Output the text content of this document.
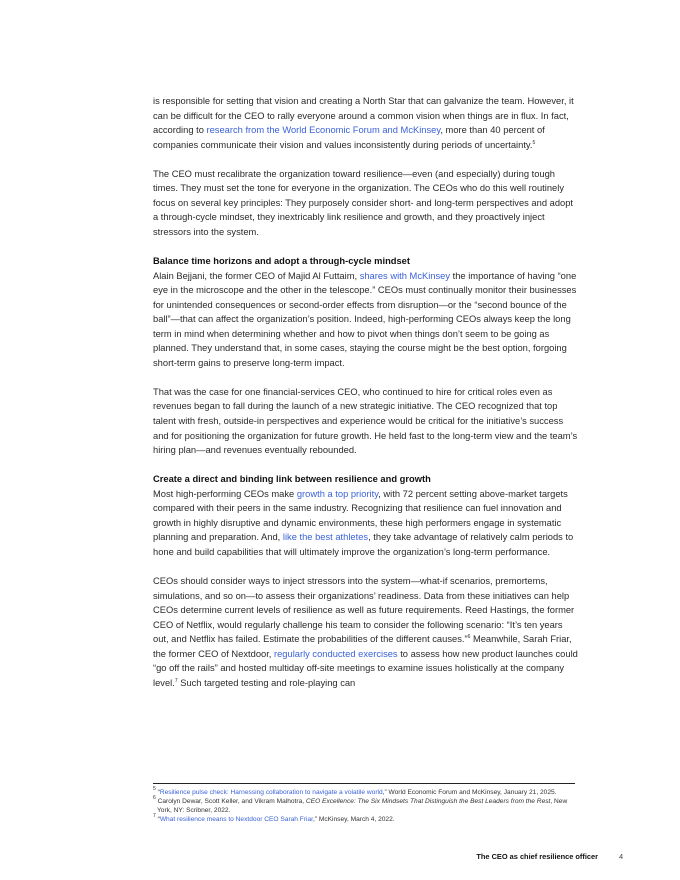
is responsible for setting that vision and creating a North Star that can galvanize the team. However, it can be difficult for the CEO to rally everyone around a common vision when things are in flux. In fact, according to research from the World Economic Forum and McKinsey, more than 40 percent of companies communicate their vision and values inconsistently during periods of uncertainty.$^5$

The CEO must recalibrate the organization toward resilience—even (and especially) during tough times. They must set the tone for everyone in the organization. The CEOs who do this well routinely focus on several key principles: They purposely consider short- and long-term perspectives and adopt a through-cycle mindset, they inextricably link resilience and growth, and they proactively inject stressors into the system.

Balance time horizons and adopt a through-cycle mindset

Alain Bejjani, the former CEO of Majid Al Futtaim, shares with McKinsey the importance of having “one eye in the microscope and the other in the telescope.” CEOs must continually monitor their businesses for unintended consequences or second-order effects from disruption—or the “second bounce of the ball”—that can affect the organization’s position. Indeed, high-performing CEOs always keep the long term in mind when determining whether and how to pivot when things don’t seem to be going as planned. They understand that, in some cases, staying the course might be the best option, forgoing short-term gains to preserve long-term impact.

That was the case for one financial-services CEO, who continued to hire for critical roles even as revenues began to fall during the launch of a new strategic initiative. The CEO recognized that top talent with fresh, outside-in perspectives and experience would be critical for the initiative’s success and for positioning the organization for future growth. He held fast to the long-term view and the team’s hiring plan—and revenues eventually rebounded.

Create a direct and binding link between resilience and growth

Most high-performing CEOs make growth a top priority, with 72 percent setting above-market targets compared with their peers in the same industry. Recognizing that resilience can fuel innovation and growth in highly disruptive and dynamic environments, these high performers engage in systematic planning and preparation. And, like the best athletes, they take advantage of relatively calm periods to hone and build capabilities that will ultimately improve the organization’s long-term performance.

CEOs should consider ways to inject stressors into the system—what-if scenarios, premortems, simulations, and so on—to assess their organizations’ readiness. Data from these initiatives can help CEOs determine current levels of resilience as well as future requirements. Reed Hastings, the former CEO of Netflix, would regularly challenge his team to consider the following scenario: “It’s ten years out, and Netflix has failed. Estimate the probabilities of the different causes.”$^6$ Meanwhile, Sarah Friar, the former CEO of Nextdoor, regularly conducted exercises to assess how new product launches could “go off the rails” and hosted multiday off-site meetings to examine issues holistically at the company level.$^7$ Such targeted testing and role-playing can

$^5$ “Resilience pulse check: Harnessing collaboration to navigate a volatile world,” World Economic Forum and McKinsey, January 21, 2025.

$^6$ Carolyn Dewar, Scott Keller, and Vikram Malhotra, CEO Excellence: The Six Mindsets That Distinguish the Best Leaders from the Rest, New York, NY: Scribner, 2022.

$^7$ “What resilience means to Nextdoor CEO Sarah Friar,” McKinsey, March 4, 2022.

The CEO as chief resilience officer	4
